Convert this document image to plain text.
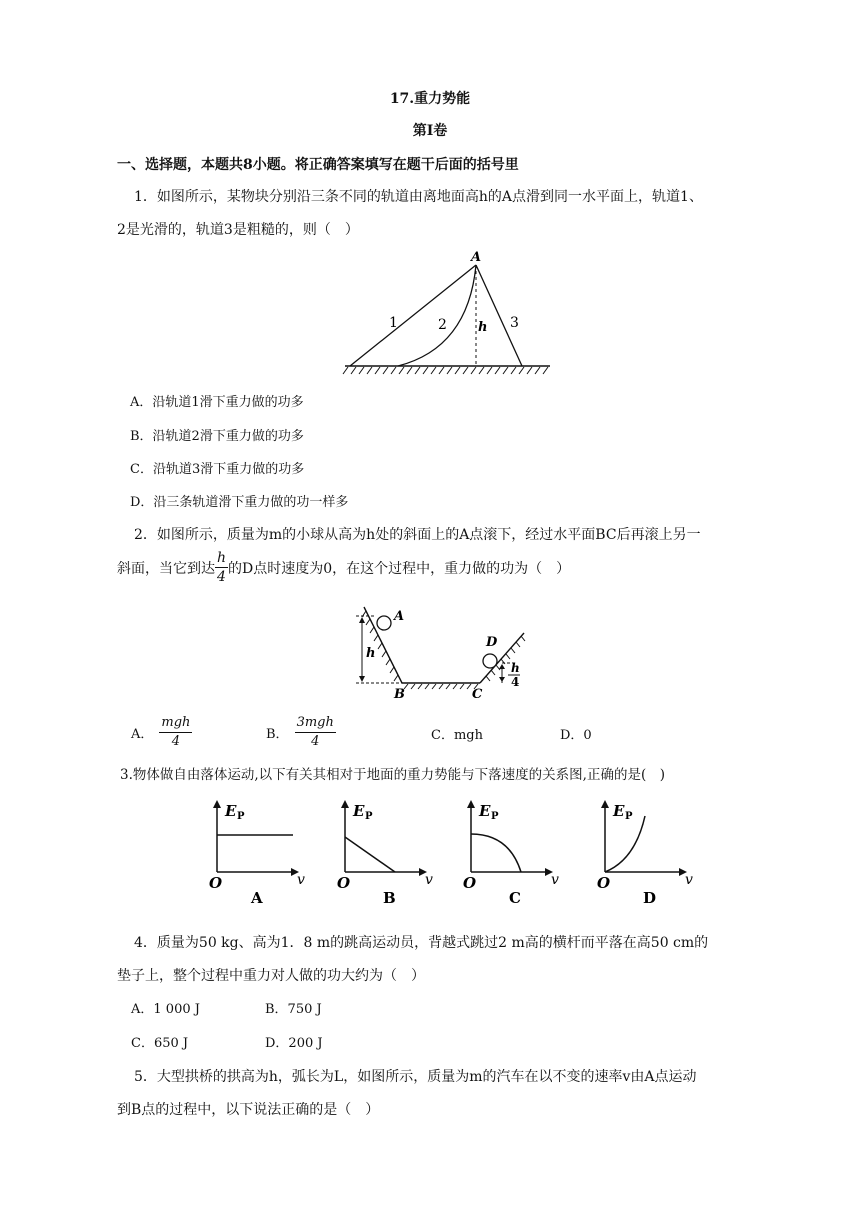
17.重力势能
第Ⅰ卷
一、选择题，本题共8小题。将正确答案填写在题干后面的括号里
1．如图所示，某物块分别沿三条不同的轨道由离地面高h的A点滑到同一水平面上，轨道1、
2是光滑的，轨道3是粗糙的，则（　）
A
1	2 h 3
A．沿轨道1滑下重力做的功多
B．沿轨道2滑下重力做的功多
C．沿轨道3滑下重力做的功多
D．沿三条轨道滑下重力做的功一样多
2．如图所示，质量为m的小球从高为h处的斜面上的A点滚下，经过水平面BC后再滚上另一
斜面，当它到达 $\frac{h}{4}$ 的D点时速度为0，在这个过程中，重力做的功为（　）
A
h
B	C
D
h
4
A． $\frac{\text{mgh}}{4}$	B． $\frac{\text{3mgh}}{4}$	C．mgh	D．0
3.物体做自由落体运动,以下有关其相对于地面的重力势能与下落速度的关系图,正确的是(　)
E P
O	v
A
E P
O	v
B
E P
O	v
C
E P
O	v
D
4．质量为50 kg、高为1．8 m的跳高运动员，背越式跳过2 m高的横杆而平落在高50 cm的
垫子上，整个过程中重力对人做的功大约为（　）
A．1 000 J	B．750 J
C．650 J	D．200 J
5．大型拱桥的拱高为h，弧长为L，如图所示，质量为m的汽车在以不变的速率v由A点运动
到B点的过程中，以下说法正确的是（　）
